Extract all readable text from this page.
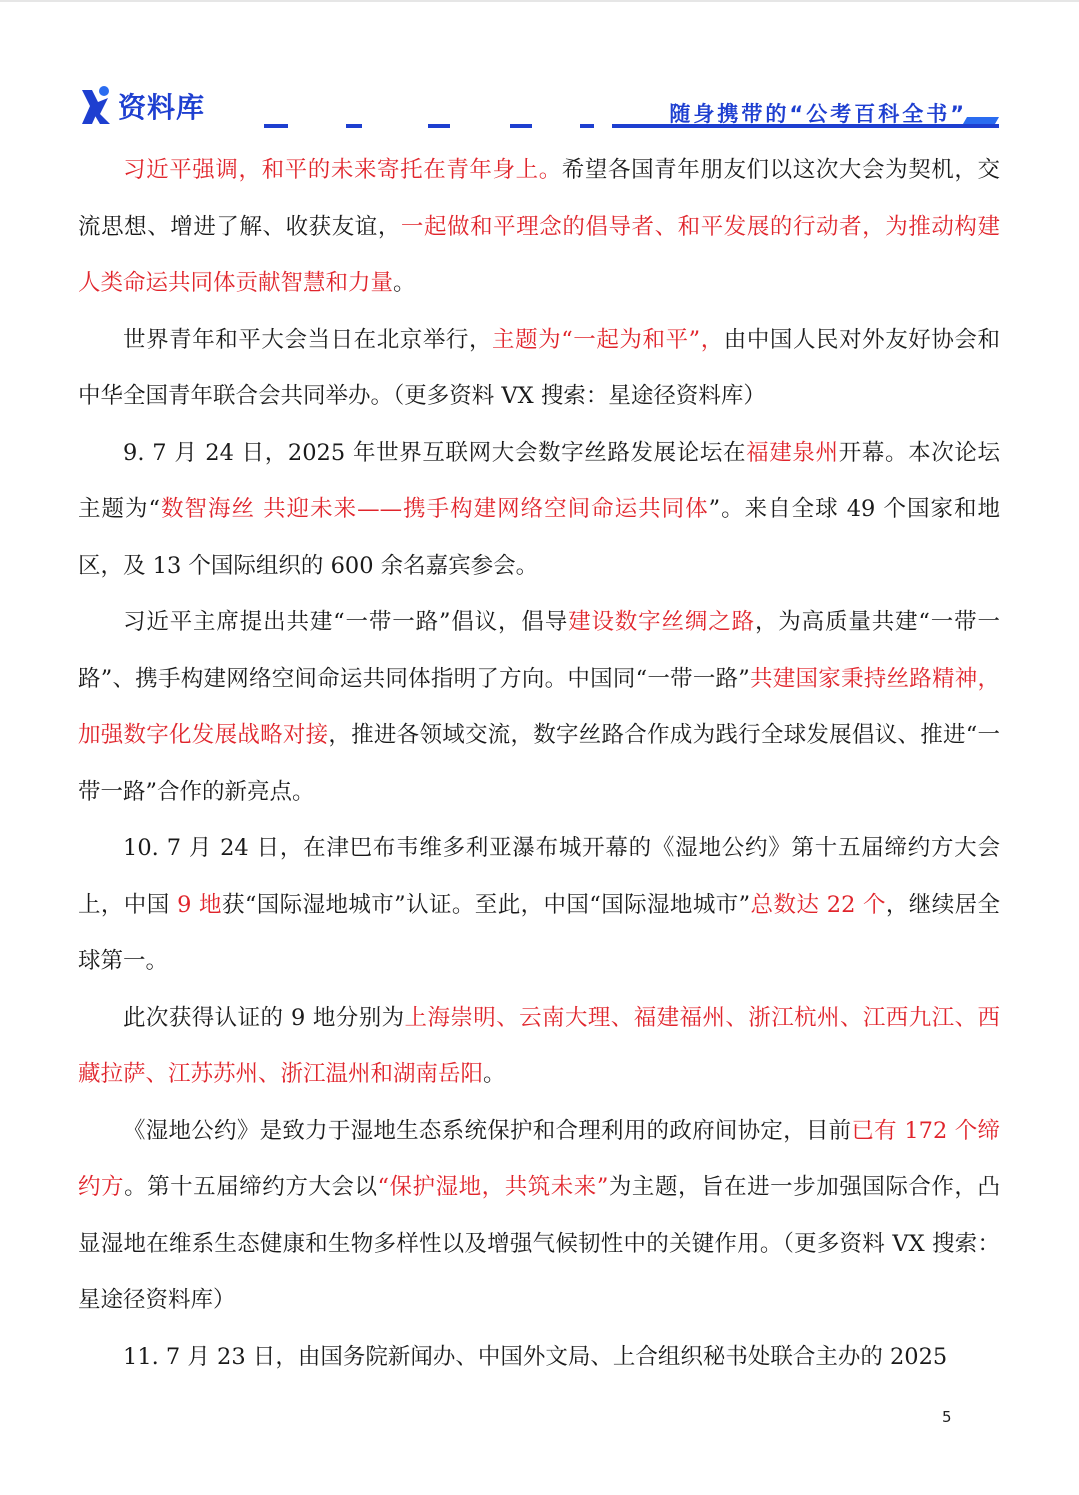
资料库	随身携带的“公考百科全书”

习近平强调，和平的未来寄托在青年身上。希望各国青年朋友们以这次大会为契机，交流思想、增进了解、收获友谊，一起做和平理念的倡导者、和平发展的行动者，为推动构建人类命运共同体贡献智慧和力量。

世界青年和平大会当日在北京举行，主题为“一起为和平”，由中国人民对外友好协会和中华全国青年联合会共同举办。（更多资料 VX 搜索：星途径资料库）

9. 7 月 24 日，2025 年世界互联网大会数字丝路发展论坛在福建泉州开幕。本次论坛主题为“数智海丝 共迎未来——携手构建网络空间命运共同体”。来自全球 49 个国家和地区，及 13 个国际组织的 600 余名嘉宾参会。

习近平主席提出共建“一带一路”倡议，倡导建设数字丝绸之路，为高质量共建“一带一路”、携手构建网络空间命运共同体指明了方向。中国同“一带一路”共建国家秉持丝路精神，加强数字化发展战略对接，推进各领域交流，数字丝路合作成为践行全球发展倡议、推进“一带一路”合作的新亮点。

10. 7 月 24 日，在津巴布韦维多利亚瀑布城开幕的《湿地公约》第十五届缔约方大会上，中国 9 地获“国际湿地城市”认证。至此，中国“国际湿地城市”总数达 22 个，继续居全球第一。

此次获得认证的 9 地分别为上海崇明、云南大理、福建福州、浙江杭州、江西九江、西藏拉萨、江苏苏州、浙江温州和湖南岳阳。

《湿地公约》是致力于湿地生态系统保护和合理利用的政府间协定，目前已有 172 个缔约方。第十五届缔约方大会以“保护湿地，共筑未来”为主题，旨在进一步加强国际合作，凸显湿地在维系生态健康和生物多样性以及增强气候韧性中的关键作用。（更多资料 VX 搜索：星途径资料库）

11. 7 月 23 日，由国务院新闻办、中国外文局、上合组织秘书处联合主办的 2025

5
